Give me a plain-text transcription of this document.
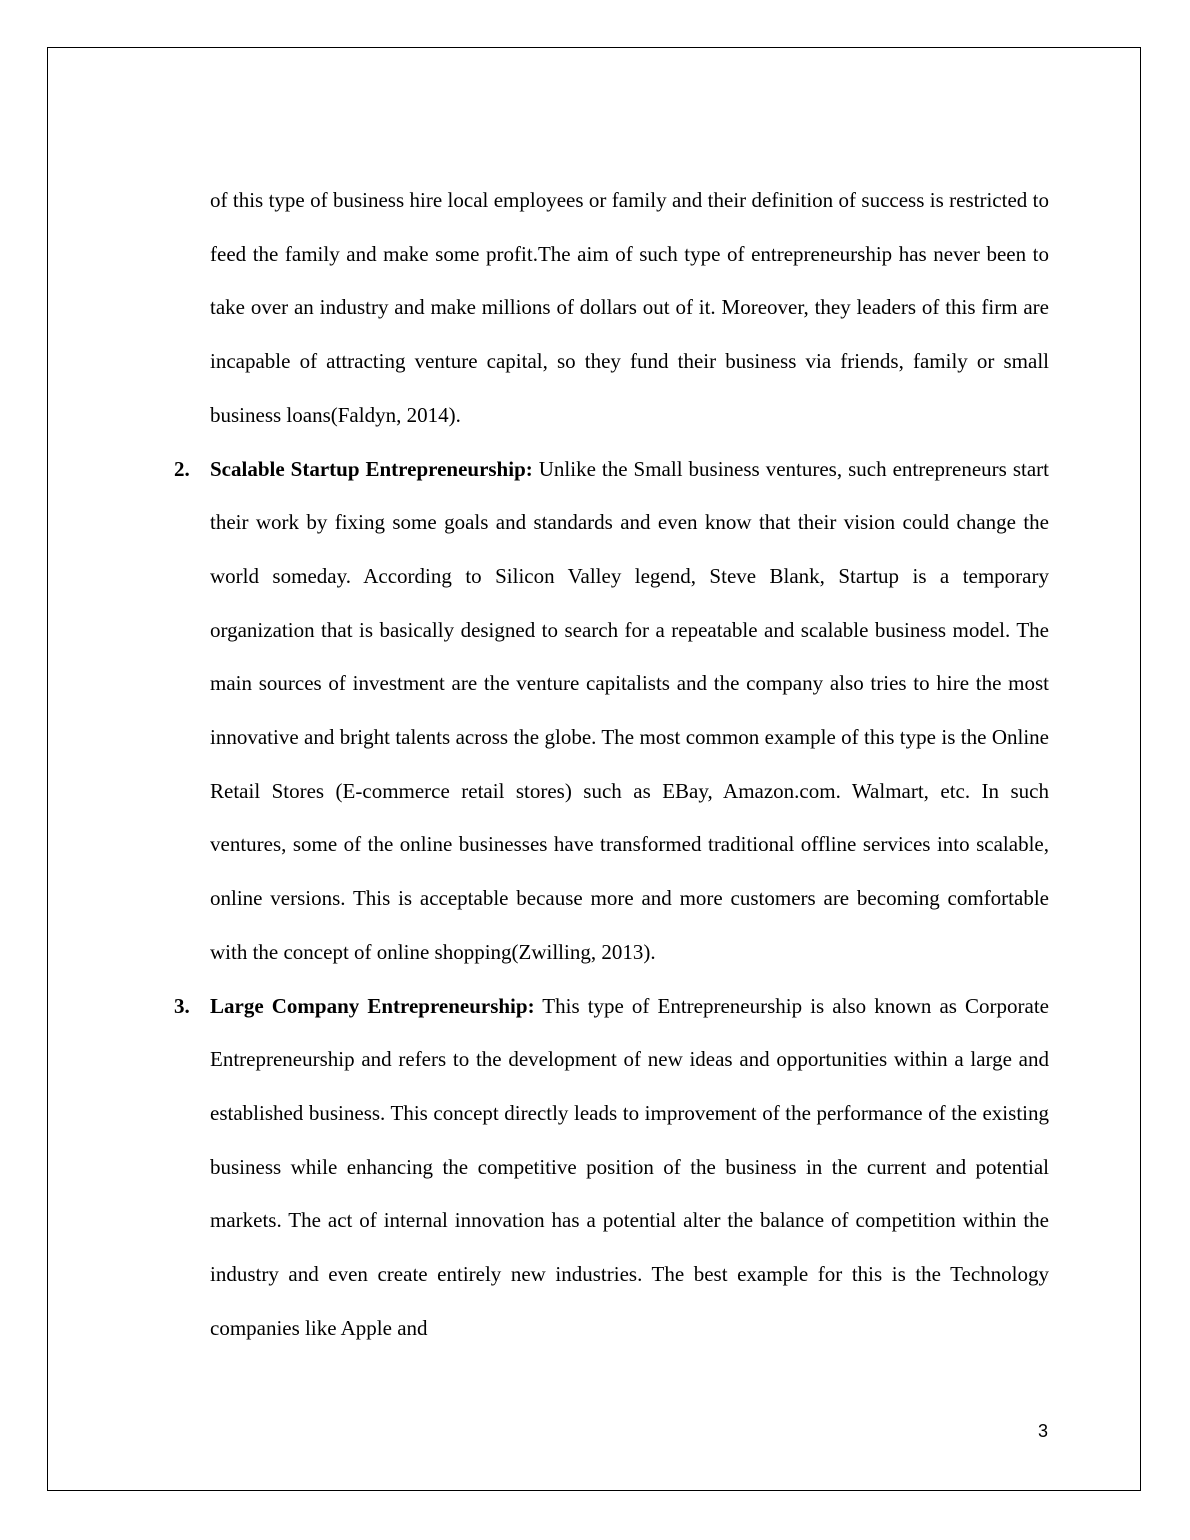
of this type of business hire local employees or family and their definition of success is restricted to feed the family and make some profit.The aim of such type of entrepreneurship has never been to take over an industry and make millions of dollars out of it. Moreover, they leaders of this firm are incapable of attracting venture capital, so they fund their business via friends, family or small business loans(Faldyn, 2014).

2. Scalable Startup Entrepreneurship: Unlike the Small business ventures, such entrepreneurs start their work by fixing some goals and standards and even know that their vision could change the world someday. According to Silicon Valley legend, Steve Blank, Startup is a temporary organization that is basically designed to search for a repeatable and scalable business model. The main sources of investment are the venture capitalists and the company also tries to hire the most innovative and bright talents across the globe. The most common example of this type is the Online Retail Stores (E-commerce retail stores) such as EBay, Amazon.com. Walmart, etc. In such ventures, some of the online businesses have transformed traditional offline services into scalable, online versions. This is acceptable because more and more customers are becoming comfortable with the concept of online shopping(Zwilling, 2013).

3. Large Company Entrepreneurship: This type of Entrepreneurship is also known as Corporate Entrepreneurship and refers to the development of new ideas and opportunities within a large and established business. This concept directly leads to improvement of the performance of the existing business while enhancing the competitive position of the business in the current and potential markets. The act of internal innovation has a potential alter the balance of competition within the industry and even create entirely new industries. The best example for this is the Technology companies like Apple and

3
